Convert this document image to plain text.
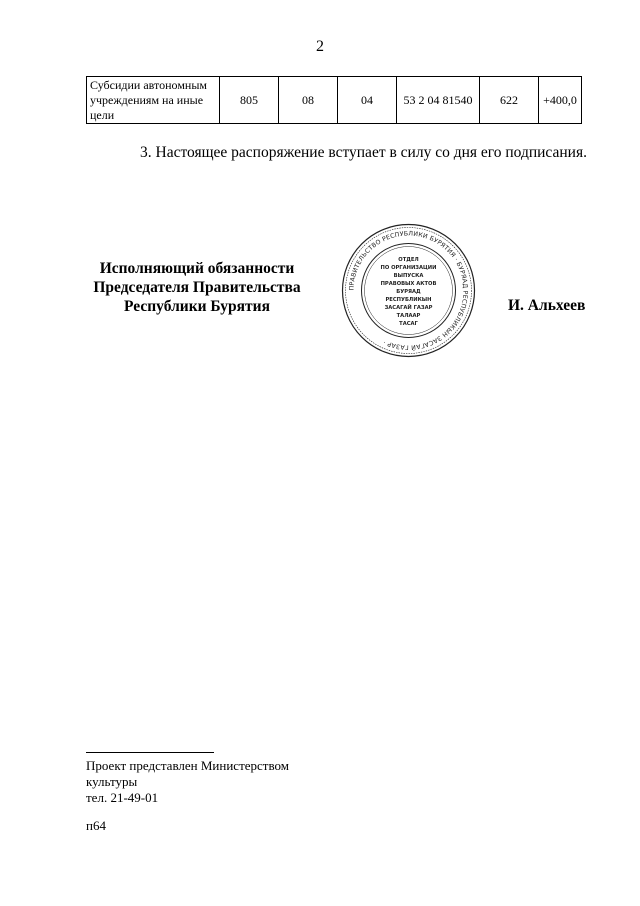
2
Субсидии автономным учреждениям на иные цели	805	08	04	53 2 04 81540	622	+400,0
3. Настоящее распоряжение вступает в силу со дня его подписания.
Исполняющий обязанности
Председателя Правительства
Республики Бурятия
ПРАВИТЕЛЬСТВО РЕСПУБЛИКИ БУРЯТИЯ · БУРЯАД РЕСПУБЛИКЫН ЗАСАГАЙ ГАЗАР ·
ОТДЕЛ
ПО ОРГАНИЗАЦИИ
ВЫПУСКА
ПРАВОВЫХ АКТОВ
БУРЯАД
РЕСПУБЛИКЫН
ЗАСАГАЙ ГАЗАР
ТАЛААР
ТАСАГ
И. Альхеев
Проект представлен Министерством культуры
тел. 21-49-01
п64
